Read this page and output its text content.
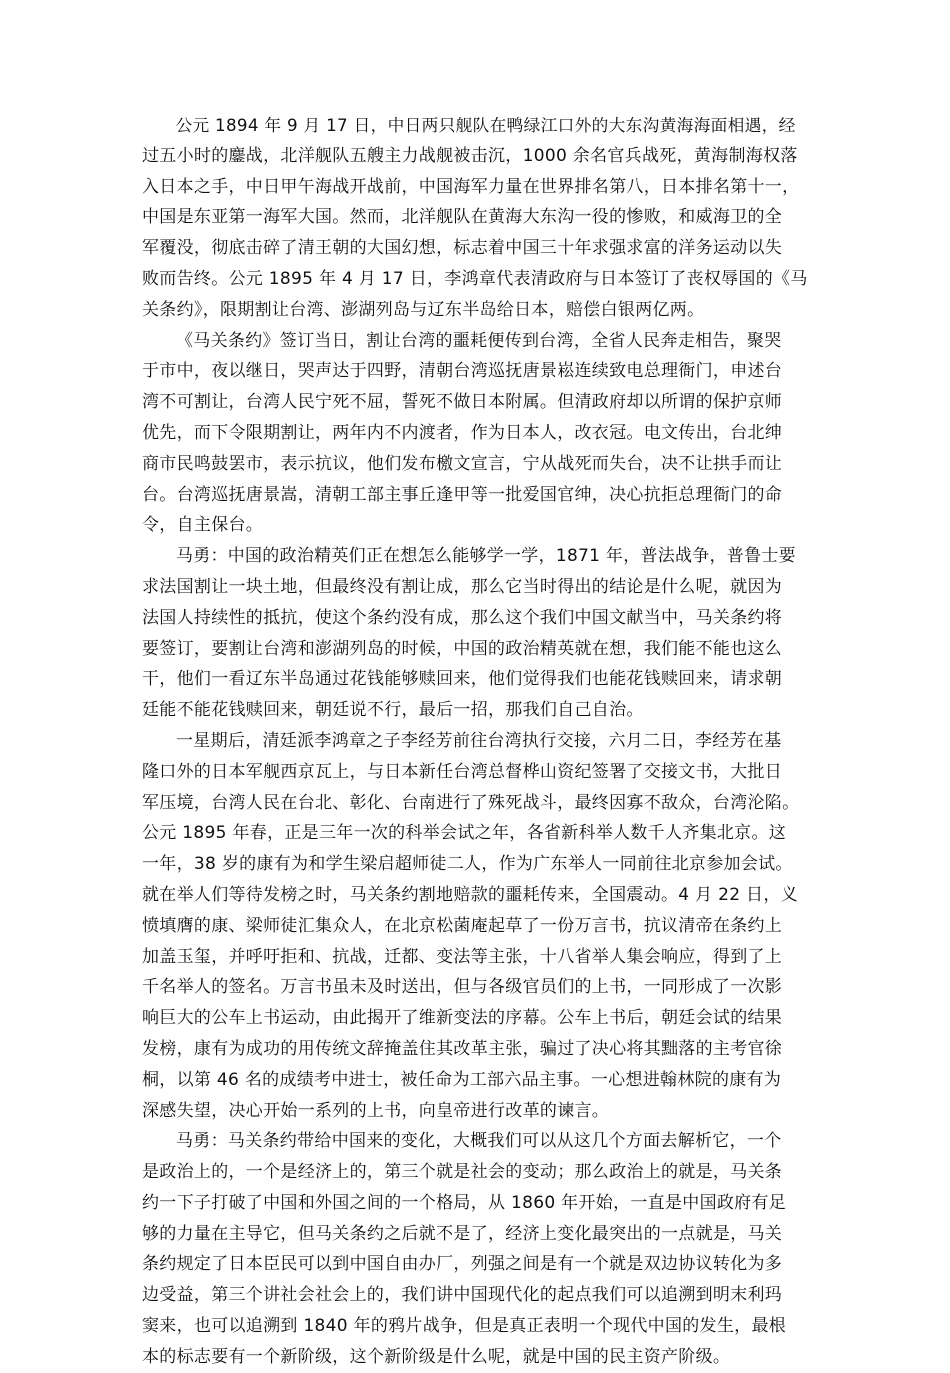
公元 1894 年 9 月 17 日，中日两只舰队在鸭绿江口外的大东沟黄海海面相遇，经
过五小时的鏖战，北洋舰队五艘主力战舰被击沉，1000 余名官兵战死，黄海制海权落
入日本之手，中日甲午海战开战前，中国海军力量在世界排名第八，日本排名第十一，
中国是东亚第一海军大国。然而，北洋舰队在黄海大东沟一役的惨败，和威海卫的全
军覆没，彻底击碎了清王朝的大国幻想，标志着中国三十年求强求富的洋务运动以失
败而告终。公元 1895 年 4 月 17 日，李鸿章代表清政府与日本签订了丧权辱国的《马
关条约》，限期割让台湾、澎湖列岛与辽东半岛给日本，赔偿白银两亿两。

《马关条约》签订当日，割让台湾的噩耗便传到台湾，全省人民奔走相告，聚哭
于市中，夜以继日，哭声达于四野，清朝台湾巡抚唐景崧连续致电总理衙门，申述台
湾不可割让，台湾人民宁死不屈，誓死不做日本附属。但清政府却以所谓的保护京师
优先，而下令限期割让，两年内不内渡者，作为日本人，改衣冠。电文传出，台北绅
商市民鸣鼓罢市，表示抗议，他们发布檄文宣言，宁从战死而失台，决不让拱手而让
台。台湾巡抚唐景嵩，清朝工部主事丘逢甲等一批爱国官绅，决心抗拒总理衙门的命
令，自主保台。

马勇：中国的政治精英们正在想怎么能够学一学，1871 年，普法战争，普鲁士要
求法国割让一块土地，但最终没有割让成，那么它当时得出的结论是什么呢，就因为
法国人持续性的抵抗，使这个条约没有成，那么这个我们中国文献当中，马关条约将
要签订，要割让台湾和澎湖列岛的时候，中国的政治精英就在想，我们能不能也这么
干，他们一看辽东半岛通过花钱能够赎回来，他们觉得我们也能花钱赎回来，请求朝
廷能不能花钱赎回来，朝廷说不行，最后一招，那我们自己自治。

一星期后，清廷派李鸿章之子李经芳前往台湾执行交接，六月二日，李经芳在基
隆口外的日本军舰西京瓦上，与日本新任台湾总督桦山资纪签署了交接文书，大批日
军压境，台湾人民在台北、彰化、台南进行了殊死战斗，最终因寡不敌众，台湾沦陷。
公元 1895 年春，正是三年一次的科举会试之年，各省新科举人数千人齐集北京。这
一年，38 岁的康有为和学生梁启超师徒二人，作为广东举人一同前往北京参加会试。
就在举人们等待发榜之时，马关条约割地赔款的噩耗传来，全国震动。4 月 22 日，义
愤填膺的康、梁师徒汇集众人，在北京松菌庵起草了一份万言书，抗议清帝在条约上
加盖玉玺，并呼吁拒和、抗战，迁都、变法等主张，十八省举人集会响应，得到了上
千名举人的签名。万言书虽未及时送出，但与各级官员们的上书，一同形成了一次影
响巨大的公车上书运动，由此揭开了维新变法的序幕。公车上书后，朝廷会试的结果
发榜，康有为成功的用传统文辞掩盖住其改革主张，骗过了决心将其黜落的主考官徐
桐，以第 46 名的成绩考中进士，被任命为工部六品主事。一心想进翰林院的康有为
深感失望，决心开始一系列的上书，向皇帝进行改革的谏言。

马勇：马关条约带给中国来的变化，大概我们可以从这几个方面去解析它，一个
是政治上的，一个是经济上的，第三个就是社会的变动；那么政治上的就是，马关条
约一下子打破了中国和外国之间的一个格局，从 1860 年开始，一直是中国政府有足
够的力量在主导它，但马关条约之后就不是了，经济上变化最突出的一点就是，马关
条约规定了日本臣民可以到中国自由办厂，列强之间是有一个就是双边协议转化为多
边受益，第三个讲社会社会上的，我们讲中国现代化的起点我们可以追溯到明末利玛
窦来，也可以追溯到 1840 年的鸦片战争，但是真正表明一个现代中国的发生，最根
本的标志要有一个新阶级，这个新阶级是什么呢，就是中国的民主资产阶级。
